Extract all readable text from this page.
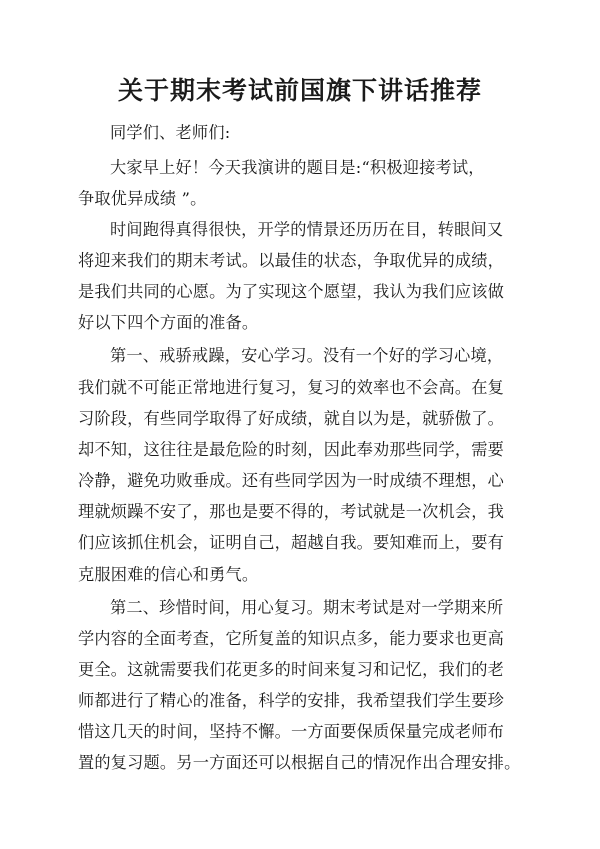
关于期末考试前国旗下讲话推荐
同学们、老师们:
大家早上好！今天我演讲的题目是:“积极迎接考试，
争取优异成绩 ”。
时间跑得真得很快，开学的情景还历历在目，转眼间又
将迎来我们的期末考试。以最佳的状态，争取优异的成绩，
是我们共同的心愿。为了实现这个愿望，我认为我们应该做
好以下四个方面的准备。
第一、戒骄戒躁，安心学习。没有一个好的学习心境，
我们就不可能正常地进行复习，复习的效率也不会高。在复
习阶段，有些同学取得了好成绩，就自以为是，就骄傲了。
却不知，这往往是最危险的时刻，因此奉劝那些同学，需要
冷静，避免功败垂成。还有些同学因为一时成绩不理想，心
理就烦躁不安了，那也是要不得的，考试就是一次机会，我
们应该抓住机会，证明自己，超越自我。要知难而上，要有
克服困难的信心和勇气。
第二、珍惜时间，用心复习。期末考试是对一学期来所
学内容的全面考查，它所复盖的知识点多，能力要求也更高
更全。这就需要我们花更多的时间来复习和记忆，我们的老
师都进行了精心的准备，科学的安排，我希望我们学生要珍
惜这几天的时间，坚持不懈。一方面要保质保量完成老师布
置的复习题。另一方面还可以根据自己的情况作出合理安排。
